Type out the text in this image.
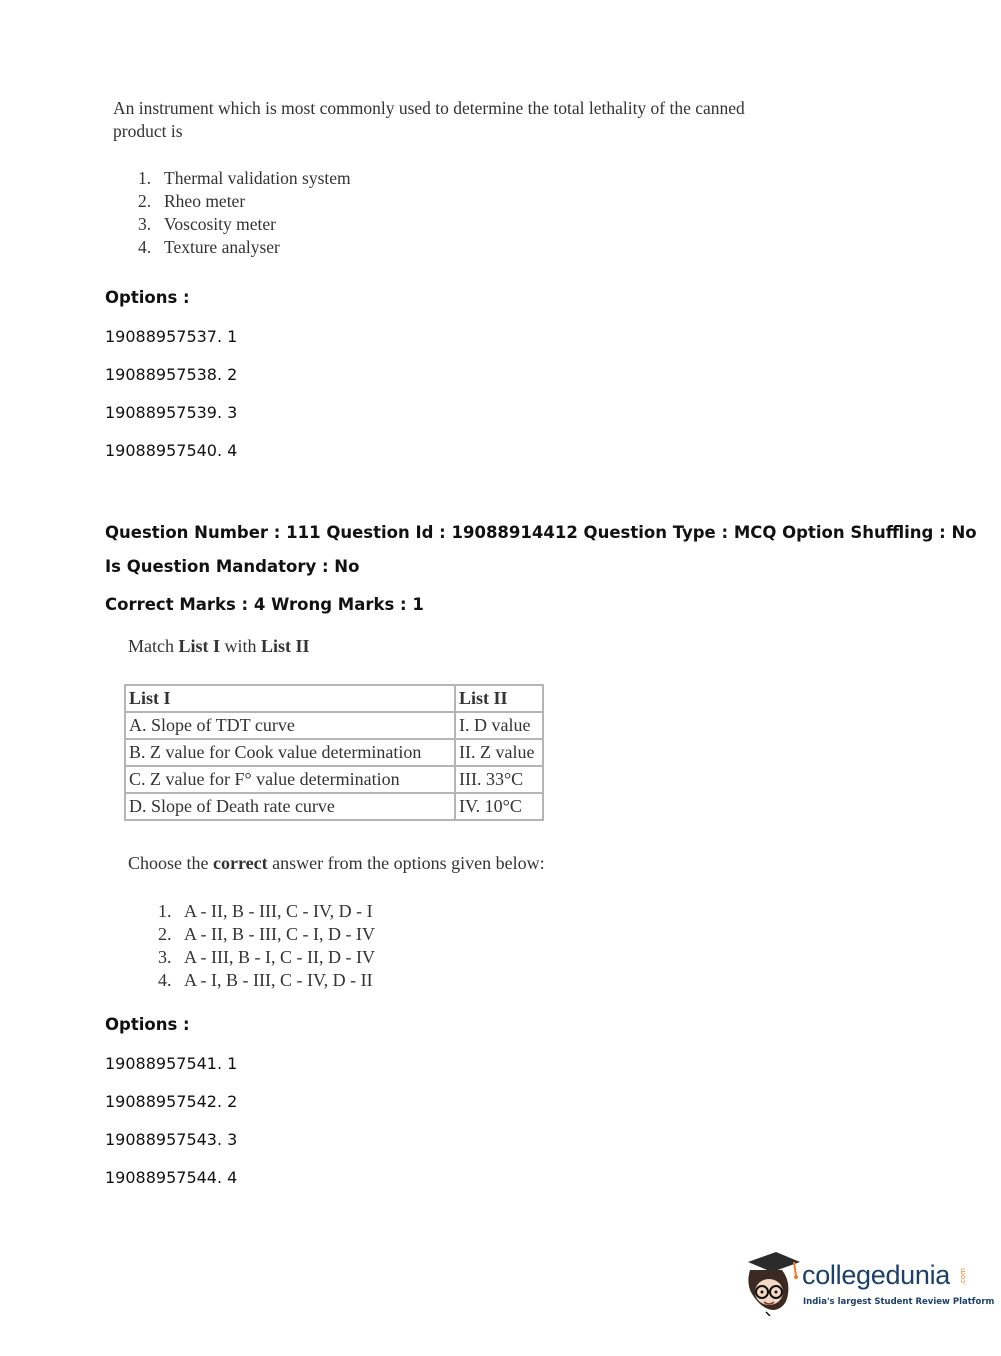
An instrument which is most commonly used to determine the total lethality of the canned product is
1. Thermal validation system
2. Rheo meter
3. Voscosity meter
4. Texture analyser
Options :
19088957537. 1
19088957538. 2
19088957539. 3
19088957540. 4
Question Number : 111 Question Id : 19088914412 Question Type : MCQ Option Shuffling : No
Is Question Mandatory : No
Correct Marks : 4 Wrong Marks : 1
Match List I with List II
List I	List II
A. Slope of TDT curve	I. D value
B. Z value for Cook value determination	II. Z value
C. Z value for F° value determination	III. 33°C
D. Slope of Death rate curve	IV. 10°C
Choose the correct answer from the options given below:
1. A - II, B - III, C - IV, D - I
2. A - II, B - III, C - I, D - IV
3. A - III, B - I, C - II, D - IV
4. A - I, B - III, C - IV, D - II
Options :
19088957541. 1
19088957542. 2
19088957543. 3
19088957544. 4
collegedunia .com
India's largest Student Review Platform
